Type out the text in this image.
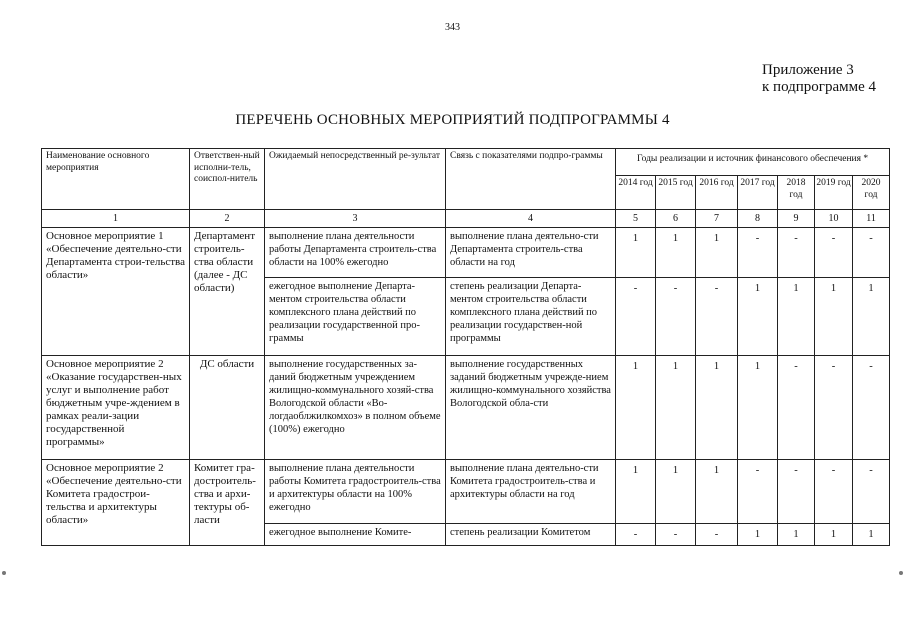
343
Приложение 3
к подпрограмме 4
ПЕРЕЧЕНЬ ОСНОВНЫХ МЕРОПРИЯТИЙ ПОДПРОГРАММЫ 4
Наименование основного мероприятия	Ответствен-ный исполни-тель, соиспол-нитель	Ожидаемый непосредственный ре-зультат	Связь с показателями подпро-граммы	Годы реализации и источник финансового обеспечения *						
				2014 год	2015 год	2016 год	2017 год	2018 год	2019 год	2020 год
1	2	3	4	5	6	7	8	9	10	11
Основное мероприятие 1 «Обеспечение деятельно-сти Департамента строи-тельства области»	Департамент строитель-ства области (далее - ДС области)	выполнение плана деятельности работы Департамента строитель-ства области на 100% ежегодно	выполнение плана деятельно-сти Департамента строитель-ства области на год	1	1	1	-	-	-	-
		ежегодное выполнение Департа-ментом строительства области комплексного плана действий по реализации государственной про-граммы	степень реализации Департа-ментом строительства области комплексного плана действий по реализации государствен-ной программы	-	-	-	1	1	1	1
Основное мероприятие 2 «Оказание государствен-ных услуг и выполнение работ бюджетным учре-ждением в рамках реали-зации государственной программы»	ДС области	выполнение государственных за-даний бюджетным учреждением жилищно-коммунального хозяй-ства Вологодской области «Во-логдаоблжилкомхоз» в полном объеме (100%) ежегодно	выполнение государственных заданий бюджетным учрежде-нием жилищно-коммунального хозяйства Вологодской обла-сти	1	1	1	1	-	-	-
Основное мероприятие 2 «Обеспечение деятельно-сти Комитета градострои-тельства и архитектуры области»	Комитет гра-достроитель-ства и архи-тектуры об-ласти	выполнение плана деятельности работы Комитета градостроитель-ства и архитектуры области на 100% ежегодно	выполнение плана деятельно-сти Комитета градостроитель-ства и архитектуры области на год	1	1	1	-	-	-	-
		ежегодное выполнение Комите-	степень реализации Комитетом	-	-	-	1	1	1	1
